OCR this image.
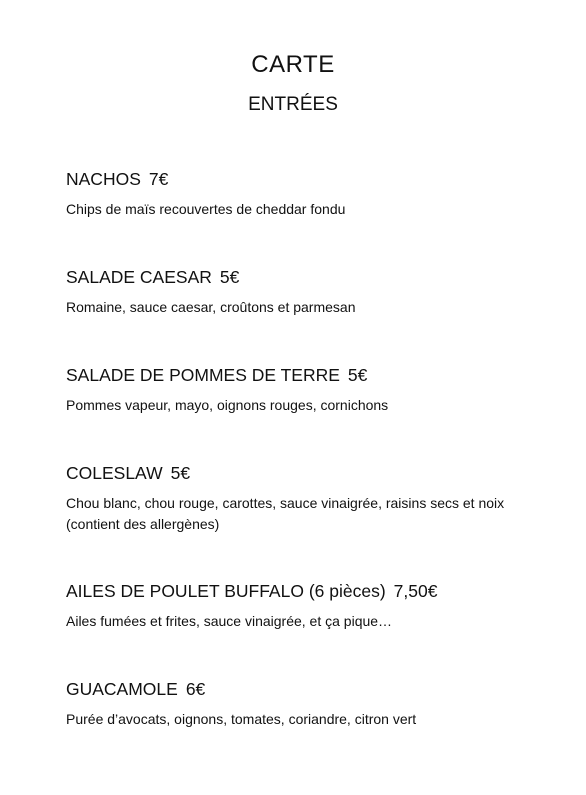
CARTE
ENTRÉES
NACHOS 7€
Chips de maïs recouvertes de cheddar fondu
SALADE CAESAR 5€
Romaine, sauce caesar, croûtons et parmesan
SALADE DE POMMES DE TERRE 5€
Pommes vapeur, mayo, oignons rouges, cornichons
COLESLAW 5€
Chou blanc, chou rouge, carottes, sauce vinaigrée, raisins secs et noix (contient des allergènes)
AILES DE POULET BUFFALO (6 pièces) 7,50€
Ailes fumées et frites, sauce vinaigrée, et ça pique…
GUACAMOLE 6€
Purée d’avocats, oignons, tomates, coriandre, citron vert
